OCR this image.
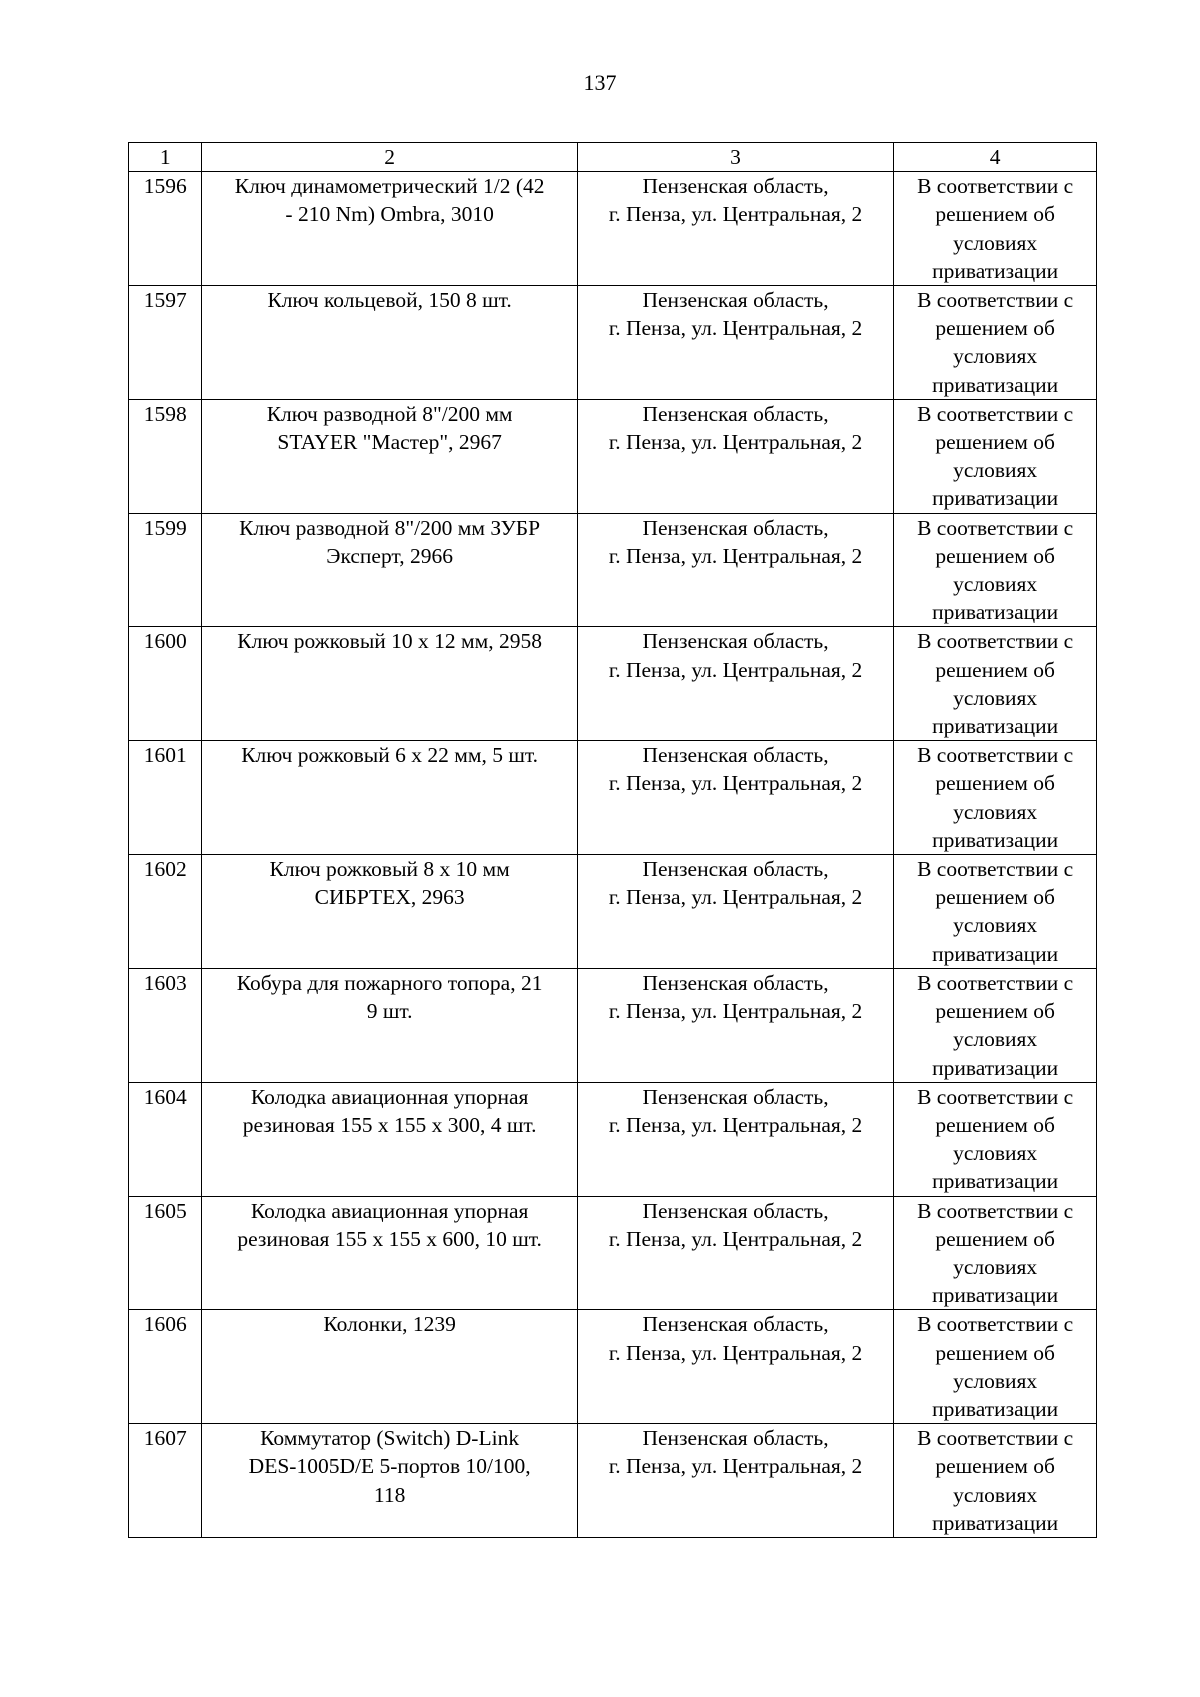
137
1	2	3	4
1596	Ключ динамометрический 1/2 (42
- 210 Nm) Ombra, 3010	Пензенская область,
г. Пенза, ул. Центральная, 2	В соответствии с
решением об
условиях
приватизации

1597	Ключ кольцевой, 150 8 шт.	Пензенская область,
г. Пенза, ул. Центральная, 2	В соответствии с
решением об
условиях
приватизации

1598	Ключ разводной 8"/200 мм
STAYER "Мастер", 2967	Пензенская область,
г. Пенза, ул. Центральная, 2	В соответствии с
решением об
условиях
приватизации

1599	Ключ разводной 8"/200 мм ЗУБР
Эксперт, 2966	Пензенская область,
г. Пенза, ул. Центральная, 2	В соответствии с
решением об
условиях
приватизации

1600	Ключ рожковый 10 х 12 мм, 2958	Пензенская область,
г. Пенза, ул. Центральная, 2	В соответствии с
решением об
условиях
приватизации

1601	Ключ рожковый 6 х 22 мм, 5 шт.	Пензенская область,
г. Пенза, ул. Центральная, 2	В соответствии с
решением об
условиях
приватизации

1602	Ключ рожковый 8 х 10 мм
СИБРТЕХ, 2963	Пензенская область,
г. Пенза, ул. Центральная, 2	В соответствии с
решением об
условиях
приватизации

1603	Кобура для пожарного топора, 21
9 шт.	Пензенская область,
г. Пенза, ул. Центральная, 2	В соответствии с
решением об
условиях
приватизации

1604	Колодка авиационная упорная
резиновая 155 х 155 х 300, 4 шт.	Пензенская область,
г. Пенза, ул. Центральная, 2	В соответствии с
решением об
условиях
приватизации

1605	Колодка авиационная упорная
резиновая 155 х 155 х 600, 10 шт.	Пензенская область,
г. Пенза, ул. Центральная, 2	В соответствии с
решением об
условиях
приватизации

1606	Колонки, 1239	Пензенская область,
г. Пенза, ул. Центральная, 2	В соответствии с
решением об
условиях
приватизации

1607	Коммутатор (Switch) D-Link
DES-1005D/E 5-портов 10/100,
118	Пензенская область,
г. Пенза, ул. Центральная, 2	В соответствии с
решением об
условиях
приватизации
